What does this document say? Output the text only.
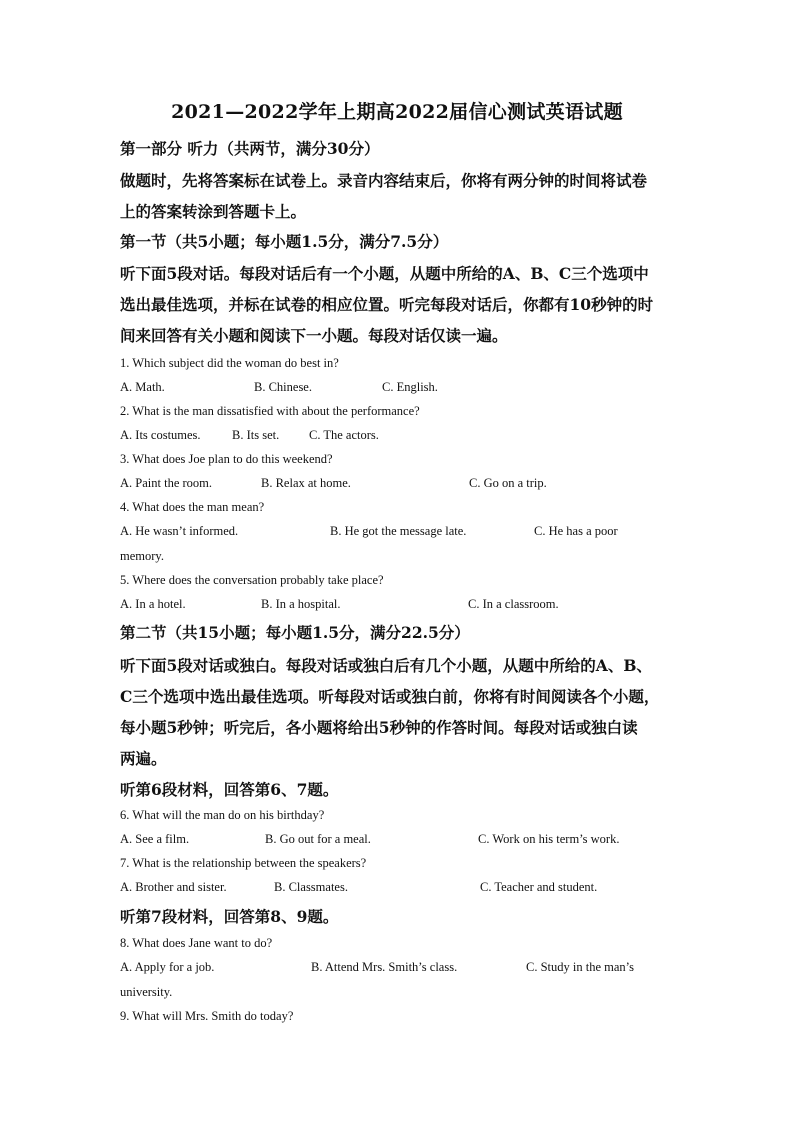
2021—2022学年上期高2022届信心测试英语试题
第一部分 听力（共两节，满分30分）
做题时，先将答案标在试卷上。录音内容结束后，你将有两分钟的时间将试卷
上的答案转涂到答题卡上。
第一节（共5小题；每小题1.5分，满分7.5分）
听下面5段对话。每段对话后有一个小题，从题中所给的A、B、C三个选项中
选出最佳选项，并标在试卷的相应位置。听完每段对话后，你都有10秒钟的时
间来回答有关小题和阅读下一小题。每段对话仅读一遍。
1. Which subject did the woman do best in?
A. Math.	B. Chinese.	C. English.
2. What is the man dissatisfied with about the performance?
A. Its costumes.	B. Its set. C. The actors.
3. What does Joe plan to do this weekend?
A. Paint the room.	B. Relax at home.	C. Go on a trip.
4. What does the man mean?
A. He wasn’t informed.	B. He got the message late.	C. He has a poor
memory.
5. Where does the conversation probably take place?
A. In a hotel.	B. In a hospital.	C. In a classroom.
第二节（共15小题；每小题1.5分，满分22.5分）
听下面5段对话或独白。每段对话或独白后有几个小题，从题中所给的A、B、
C三个选项中选出最佳选项。听每段对话或独白前，你将有时间阅读各个小题，
每小题5秒钟；听完后，各小题将给出5秒钟的作答时间。每段对话或独白读
两遍。
听第6段材料，回答第6、7题。
6. What will the man do on his birthday?
A. See a film.	B. Go out for a meal.	C. Work on his term’s work.
7. What is the relationship between the speakers?
A. Brother and sister.	B. Classmates.	C. Teacher and student.
听第7段材料，回答第8、9题。
8. What does Jane want to do?
A. Apply for a job.	B. Attend Mrs. Smith’s class.	C. Study in the man’s
university.
9. What will Mrs. Smith do today?
